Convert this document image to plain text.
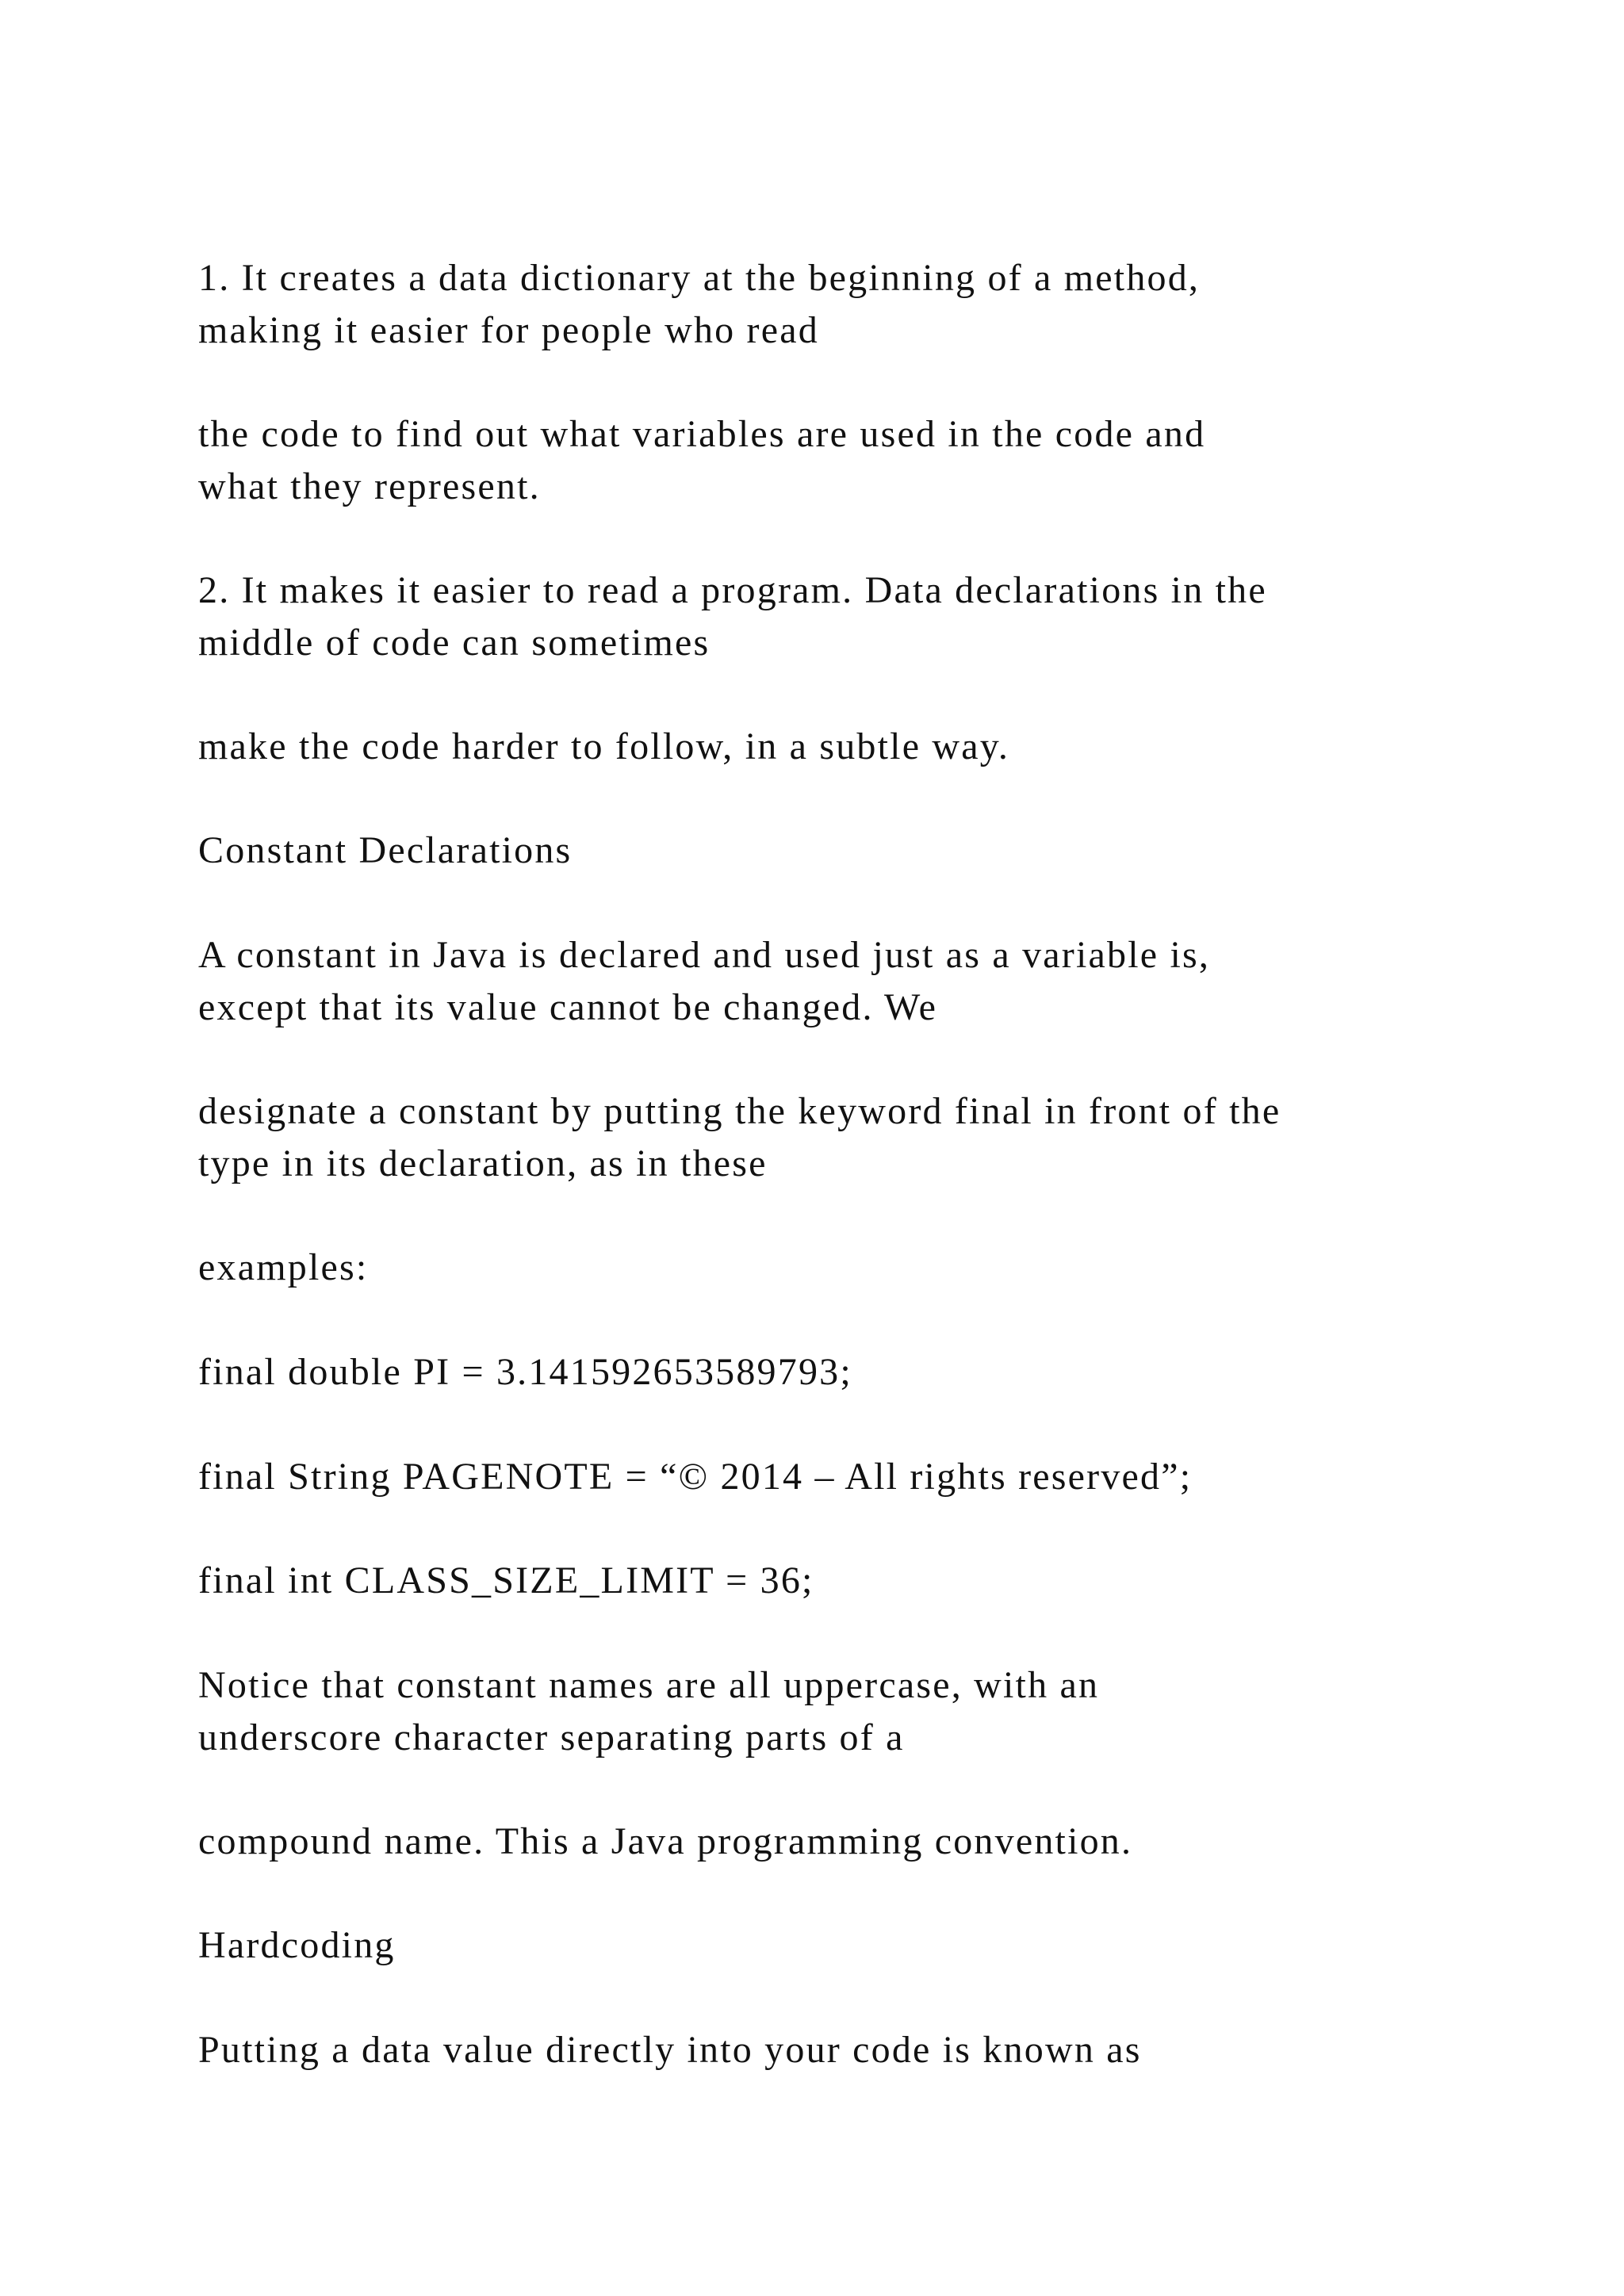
1. It creates a data dictionary at the beginning of a method,
making it easier for people who read

the code to find out what variables are used in the code and
what they represent.

2. It makes it easier to read a program. Data declarations in the
middle of code can sometimes

make the code harder to follow, in a subtle way.

Constant Declarations

A constant in Java is declared and used just as a variable is,
except that its value cannot be changed. We

designate a constant by putting the keyword final in front of the
type in its declaration, as in these

examples:

final double PI = 3.141592653589793;

final String PAGENOTE = “© 2014 – All rights reserved”;

final int CLASS_SIZE_LIMIT = 36;

Notice that constant names are all uppercase, with an
underscore character separating parts of a

compound name. This a Java programming convention.

Hardcoding

Putting a data value directly into your code is known as
